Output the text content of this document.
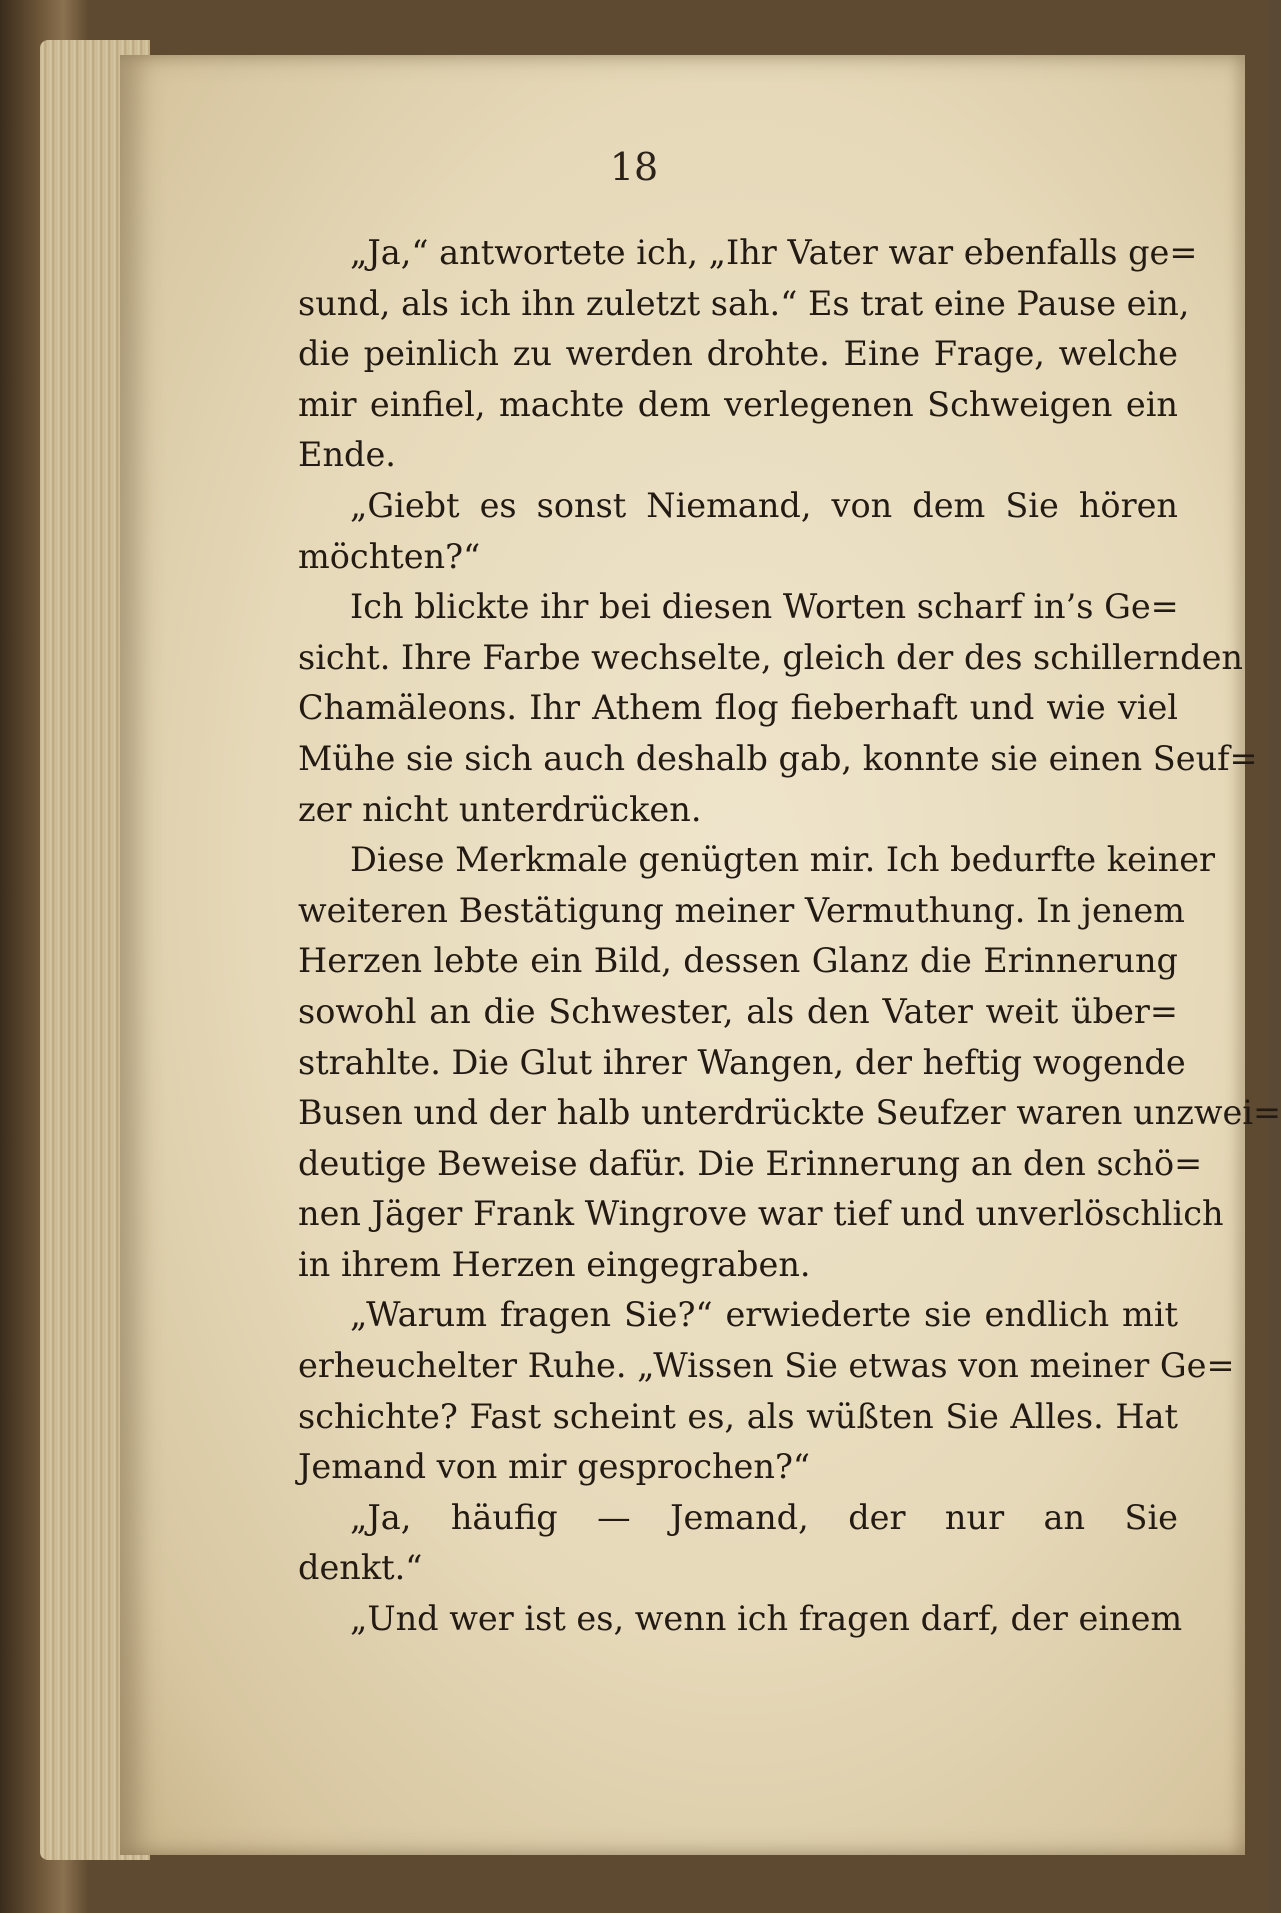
18

„Ja,“ antwortete ich, „Ihr Vater war ebenfalls ge=
sund, als ich ihn zuletzt sah.“ Es trat eine Pause ein,
die peinlich zu werden drohte. Eine Frage, welche
mir einfiel, machte dem verlegenen Schweigen ein
Ende.
„Giebt es sonst Niemand, von dem Sie hören
möchten?“
Ich blickte ihr bei diesen Worten scharf in’s Ge=
sicht. Ihre Farbe wechselte, gleich der des schillernden
Chamäleons. Ihr Athem flog fieberhaft und wie viel
Mühe sie sich auch deshalb gab, konnte sie einen Seuf=
zer nicht unterdrücken.
Diese Merkmale genügten mir. Ich bedurfte keiner
weiteren Bestätigung meiner Vermuthung. In jenem
Herzen lebte ein Bild, dessen Glanz die Erinnerung
sowohl an die Schwester, als den Vater weit über=
strahlte. Die Glut ihrer Wangen, der heftig wogende
Busen und der halb unterdrückte Seufzer waren unzwei=
deutige Beweise dafür. Die Erinnerung an den schö=
nen Jäger Frank Wingrove war tief und unverlöschlich
in ihrem Herzen eingegraben.
„Warum fragen Sie?“ erwiederte sie endlich mit
erheuchelter Ruhe. „Wissen Sie etwas von meiner Ge=
schichte? Fast scheint es, als wüßten Sie Alles. Hat
Jemand von mir gesprochen?“
„Ja, häufig — Jemand, der nur an Sie
denkt.“
„Und wer ist es, wenn ich fragen darf, der einem
